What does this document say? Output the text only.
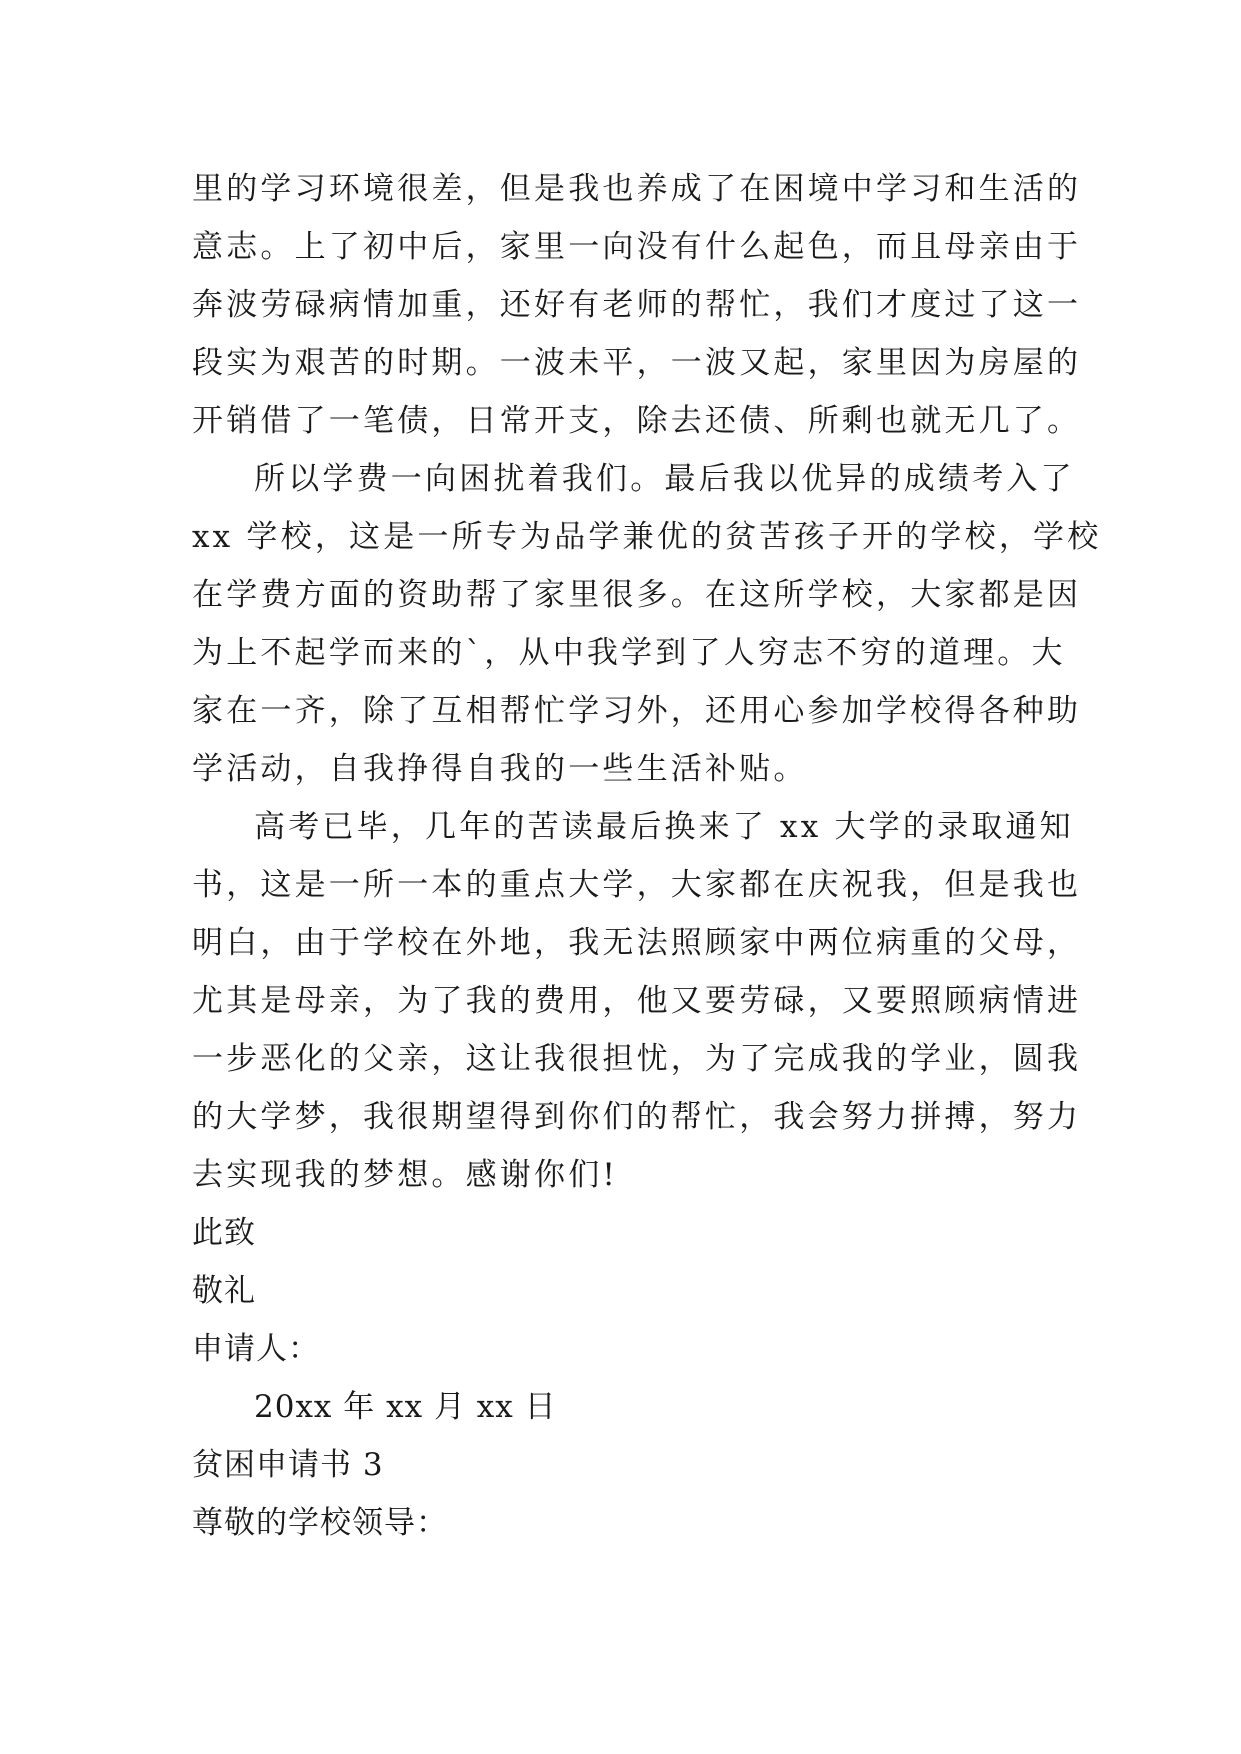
里的学习环境很差，但是我也养成了在困境中学习和生活的
意志。上了初中后，家里一向没有什么起色，而且母亲由于
奔波劳碌病情加重，还好有老师的帮忙，我们才度过了这一
段实为艰苦的时期。一波未平，一波又起，家里因为房屋的
开销借了一笔债，日常开支，除去还债、所剩也就无几了。
所以学费一向困扰着我们。最后我以优异的成绩考入了
xx 学校，这是一所专为品学兼优的贫苦孩子开的学校，学校
在学费方面的资助帮了家里很多。在这所学校，大家都是因
为上不起学而来的`，从中我学到了人穷志不穷的道理。大
家在一齐，除了互相帮忙学习外，还用心参加学校得各种助
学活动，自我挣得自我的一些生活补贴。
高考已毕，几年的苦读最后换来了 xx 大学的录取通知
书，这是一所一本的重点大学，大家都在庆祝我，但是我也
明白，由于学校在外地，我无法照顾家中两位病重的父母，
尤其是母亲，为了我的费用，他又要劳碌，又要照顾病情进
一步恶化的父亲，这让我很担忧，为了完成我的学业，圆我
的大学梦，我很期望得到你们的帮忙，我会努力拼搏，努力
去实现我的梦想。感谢你们!
此致
敬礼
申请人：
20xx 年 xx 月 xx 日
贫困申请书 3
尊敬的学校领导：
